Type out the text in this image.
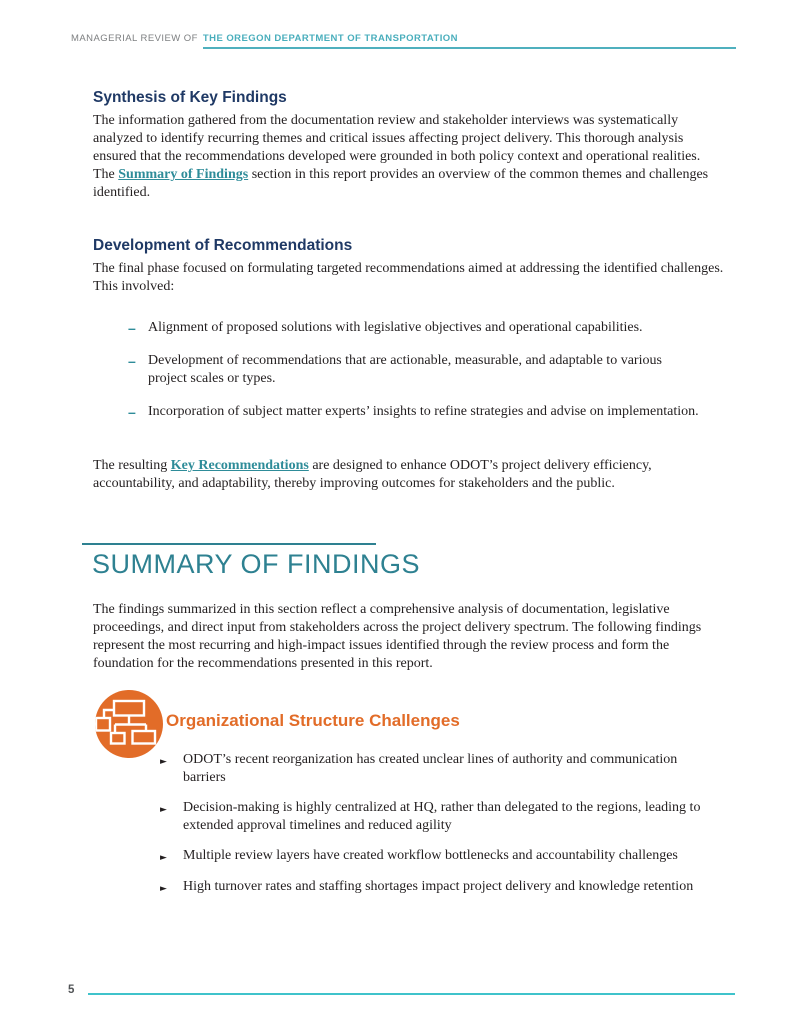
MANAGERIAL REVIEW OF THE OREGON DEPARTMENT OF TRANSPORTATION
Synthesis of Key Findings

The information gathered from the documentation review and stakeholder interviews was systematically analyzed to identify recurring themes and critical issues affecting project delivery. This thorough analysis ensured that the recommendations developed were grounded in both policy context and operational realities. The Summary of Findings section in this report provides an overview of the common themes and challenges identified.

Development of Recommendations

The final phase focused on formulating targeted recommendations aimed at addressing the identified challenges. This involved:

– Alignment of proposed solutions with legislative objectives and operational capabilities.
– Development of recommendations that are actionable, measurable, and adaptable to various project scales or types.
– Incorporation of subject matter experts’ insights to refine strategies and advise on implementation.

The resulting Key Recommendations are designed to enhance ODOT’s project delivery efficiency, accountability, and adaptability, thereby improving outcomes for stakeholders and the public.

SUMMARY OF FINDINGS

The findings summarized in this section reflect a comprehensive analysis of documentation, legislative proceedings, and direct input from stakeholders across the project delivery spectrum. The following findings represent the most recurring and high-impact issues identified through the review process and form the foundation for the recommendations presented in this report.

Organizational Structure Challenges
► ODOT’s recent reorganization has created unclear lines of authority and communication barriers
► Decision-making is highly centralized at HQ, rather than delegated to the regions, leading to extended approval timelines and reduced agility
► Multiple review layers have created workflow bottlenecks and accountability challenges
► High turnover rates and staffing shortages impact project delivery and knowledge retention
5
